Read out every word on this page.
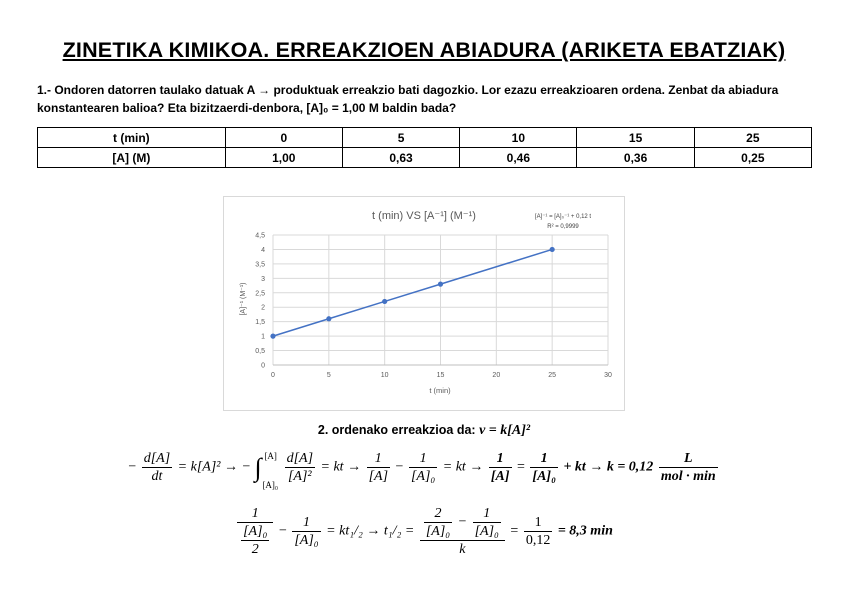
ZINETIKA KIMIKOA. ERREAKZIOEN ABIADURA (ARIKETA EBATZIAK)
1.- Ondoren datorren taulako datuak A → produktuak erreakzio bati dagozkio. Lor ezazu erreakzioaren ordena. Zenbat da abiadura konstantearen balioa? Eta bizitzaerdi-denbora, [A]₀ = 1,00 M baldin bada?
t (min)	0	5	10	15	25
[A] (M)	1,00	0,63	0,46	0,36	0,25
t (min) VS [A⁻¹] (M⁻¹)	[A]⁻¹ = [A]₀⁻¹ + 0,12 t
R² = 0,9999
t (min)
[A]⁻¹ (M⁻¹)
0
0,5
1
1,5
2
2,5
3
3,5
4
4,5
0	5	10	15	20	25	30
2. ordenako erreakzioa da: v = k[A]²
− $\frac{d[A]}{dt} = k[A]^2$ → − ∫
[A]₀
[A]
$\frac{d[A]}{\text{[A]²}}$ = kt → $\frac{1}{[A]} - \frac{1}{\text{[A]₀}}$ = kt → $\frac{1}{[A]} = \frac{1}{\text{[A]₀}}$ + kt → $k = 0,12 \frac{L}{\text{mol · min}}$
$\frac{1}{\frac{\text{[A]₀}}{2}} - \frac{1}{\text{[A]₀}} = kt_1/_2 \to t_1/_2 = \frac{\frac{2}{\text{[A]₀}} - \frac{1}{\text{[A]₀}}}{k} = \frac{1}{0,12} = 8,3$ min
